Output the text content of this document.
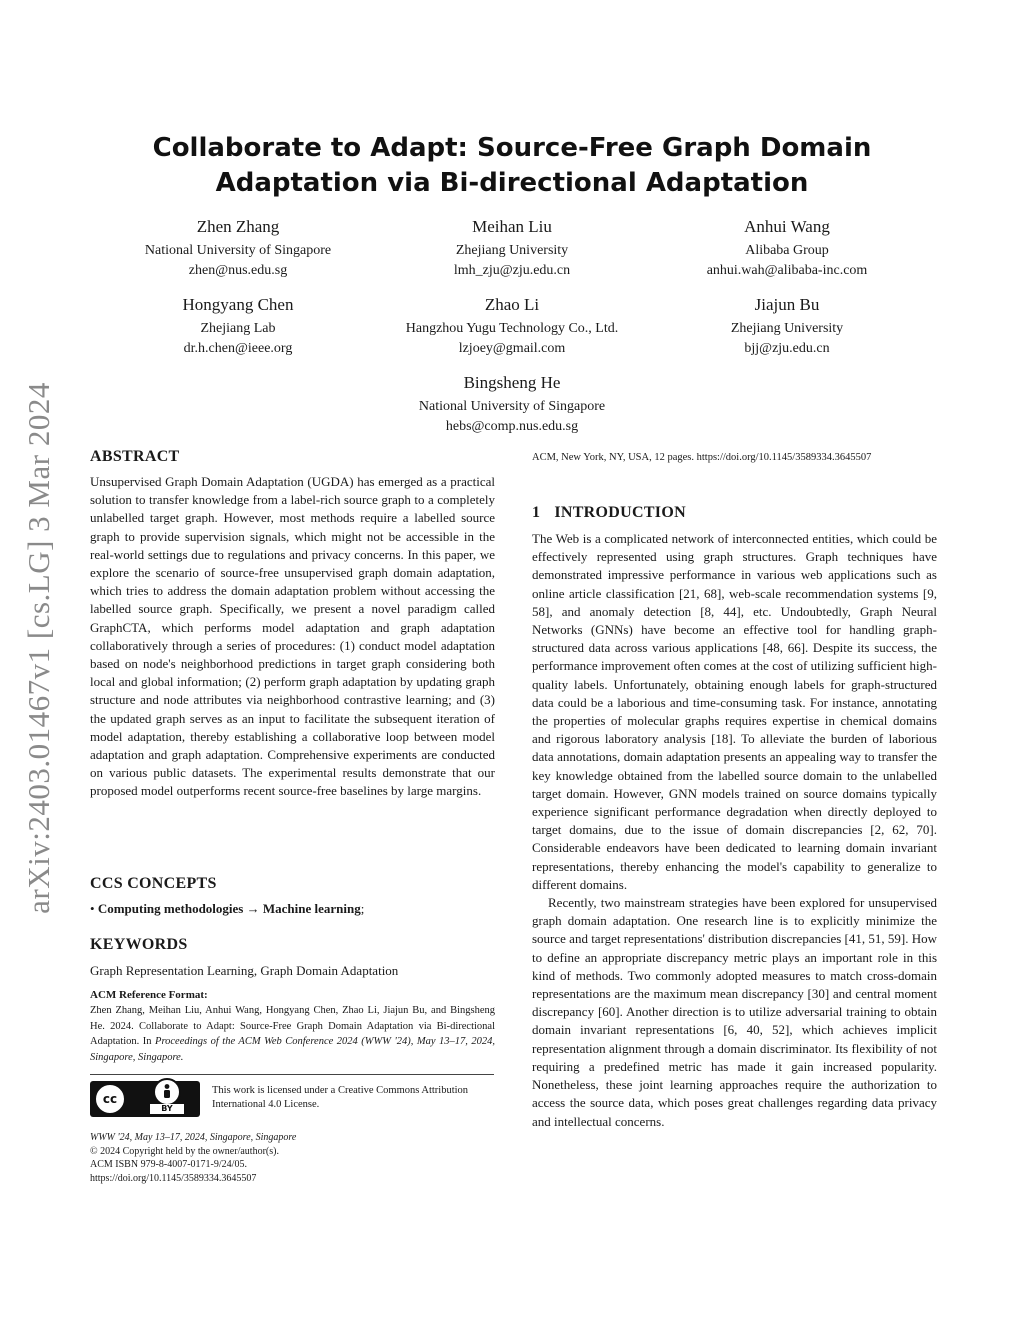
arXiv:2403.01467v1 [cs.LG] 3 Mar 2024
Collaborate to Adapt: Source-Free Graph Domain Adaptation via Bi-directional Adaptation
Zhen Zhang
National University of Singapore
zhen@nus.edu.sg
Meihan Liu
Zhejiang University
lmh_zju@zju.edu.cn
Anhui Wang
Alibaba Group
anhui.wah@alibaba-inc.com
Hongyang Chen
Zhejiang Lab
dr.h.chen@ieee.org
Zhao Li
Hangzhou Yugu Technology Co., Ltd.
lzjoey@gmail.com
Jiajun Bu
Zhejiang University
bjj@zju.edu.cn
Bingsheng He
National University of Singapore
hebs@comp.nus.edu.sg
ABSTRACT

Unsupervised Graph Domain Adaptation (UGDA) has emerged as a practical solution to transfer knowledge from a label-rich source graph to a completely unlabelled target graph. However, most methods require a labelled source graph to provide supervision signals, which might not be accessible in the real-world settings due to regulations and privacy concerns. In this paper, we explore the scenario of source-free unsupervised graph domain adaptation, which tries to address the domain adaptation problem without accessing the labelled source graph. Specifically, we present a novel paradigm called GraphCTA, which performs model adaptation and graph adaptation collaboratively through a series of procedures: (1) conduct model adaptation based on node's neighborhood predictions in target graph considering both local and global information; (2) perform graph adaptation by updating graph structure and node attributes via neighborhood contrastive learning; and (3) the updated graph serves as an input to facilitate the subsequent iteration of model adaptation, thereby establishing a collaborative loop between model adaptation and graph adaptation. Comprehensive experiments are conducted on various public datasets. The experimental results demonstrate that our proposed model outperforms recent source-free baselines by large margins.

CCS CONCEPTS
• Computing methodologies → Machine learning;
KEYWORDS
Graph Representation Learning, Graph Domain Adaptation
ACM Reference Format:
Zhen Zhang, Meihan Liu, Anhui Wang, Hongyang Chen, Zhao Li, Jiajun Bu, and Bingsheng He. 2024. Collaborate to Adapt: Source-Free Graph Domain Adaptation via Bi-directional Adaptation. In Proceedings of the ACM Web Conference 2024 (WWW '24), May 13–17, 2024, Singapore, Singapore.
cc
BY
This work is licensed under a Creative Commons Attribution International 4.0 License.
WWW '24, May 13–17, 2024, Singapore, Singapore
© 2024 Copyright held by the owner/author(s).
ACM ISBN 979-8-4007-0171-9/24/05.
https://doi.org/10.1145/3589334.3645507
ACM, New York, NY, USA, 12 pages. https://doi.org/10.1145/3589334.3645507
1 INTRODUCTION

The Web is a complicated network of interconnected entities, which could be effectively represented using graph structures. Graph techniques have demonstrated impressive performance in various web applications such as online article classification [21, 68], web-scale recommendation systems [9, 58], and anomaly detection [8, 44], etc. Undoubtedly, Graph Neural Networks (GNNs) have become an effective tool for handling graph-structured data across various applications [48, 66]. Despite its success, the performance improvement often comes at the cost of utilizing sufficient high-quality labels. Unfortunately, obtaining enough labels for graph-structured data could be a laborious and time-consuming task. For instance, annotating the properties of molecular graphs requires expertise in chemical domains and rigorous laboratory analysis [18]. To alleviate the burden of laborious data annotations, domain adaptation presents an appealing way to transfer the key knowledge obtained from the labelled source domain to the unlabelled target domain. However, GNN models trained on source domains typically experience significant performance degradation when directly deployed to target domains, due to the issue of domain discrepancies [2, 62, 70]. Considerable endeavors have been dedicated to learning domain invariant representations, thereby enhancing the model's capability to generalize to different domains.

Recently, two mainstream strategies have been explored for unsupervised graph domain adaptation. One research line is to explicitly minimize the source and target representations' distribution discrepancies [41, 51, 59]. How to define an appropriate discrepancy metric plays an important role in this kind of methods. Two commonly adopted measures to match cross-domain representations are the maximum mean discrepancy [30] and central moment discrepancy [60]. Another direction is to utilize adversarial training to obtain domain invariant representations [6, 40, 52], which achieves implicit representation alignment through a domain discriminator. Its flexibility of not requiring a predefined metric has made it gain increased popularity. Nonetheless, these joint learning approaches require the authorization to access the source data, which poses great challenges regarding data privacy and intellectual concerns.
